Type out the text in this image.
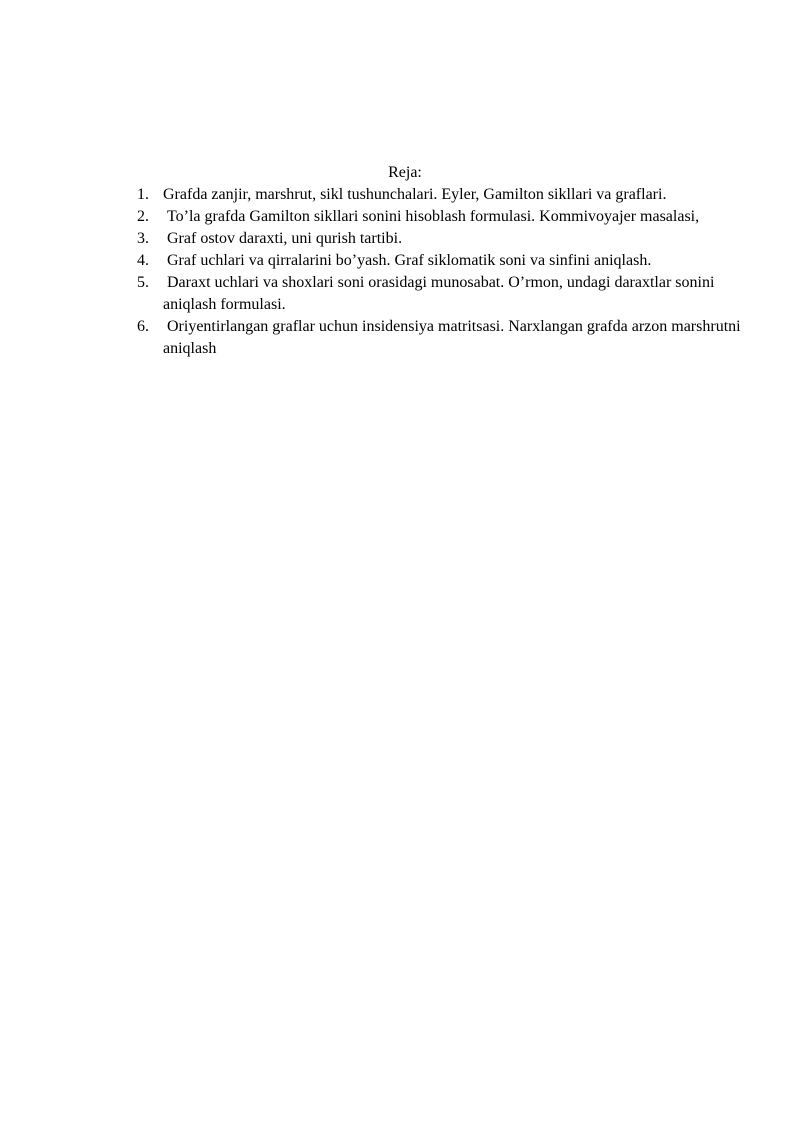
Reja:
1. Grafda zanjir, marshrut, sikl tushunchalari. Eyler, Gamilton sikllari va graflari.
2. To’la grafda Gamilton sikllari sonini hisoblash formulasi. Kommivoyajer masalasi,
3. Graf ostov daraxti, uni qurish tartibi.
4. Graf uchlari va qirralarini bo’yash. Graf siklomatik soni va sinfini aniqlash.
5. Daraxt uchlari va shoxlari soni orasidagi munosabat. O’rmon, undagi daraxtlar sonini aniqlash formulasi.
6. Oriyentirlangan graflar uchun insidensiya matritsasi. Narxlangan grafda arzon marshrutni aniqlash
